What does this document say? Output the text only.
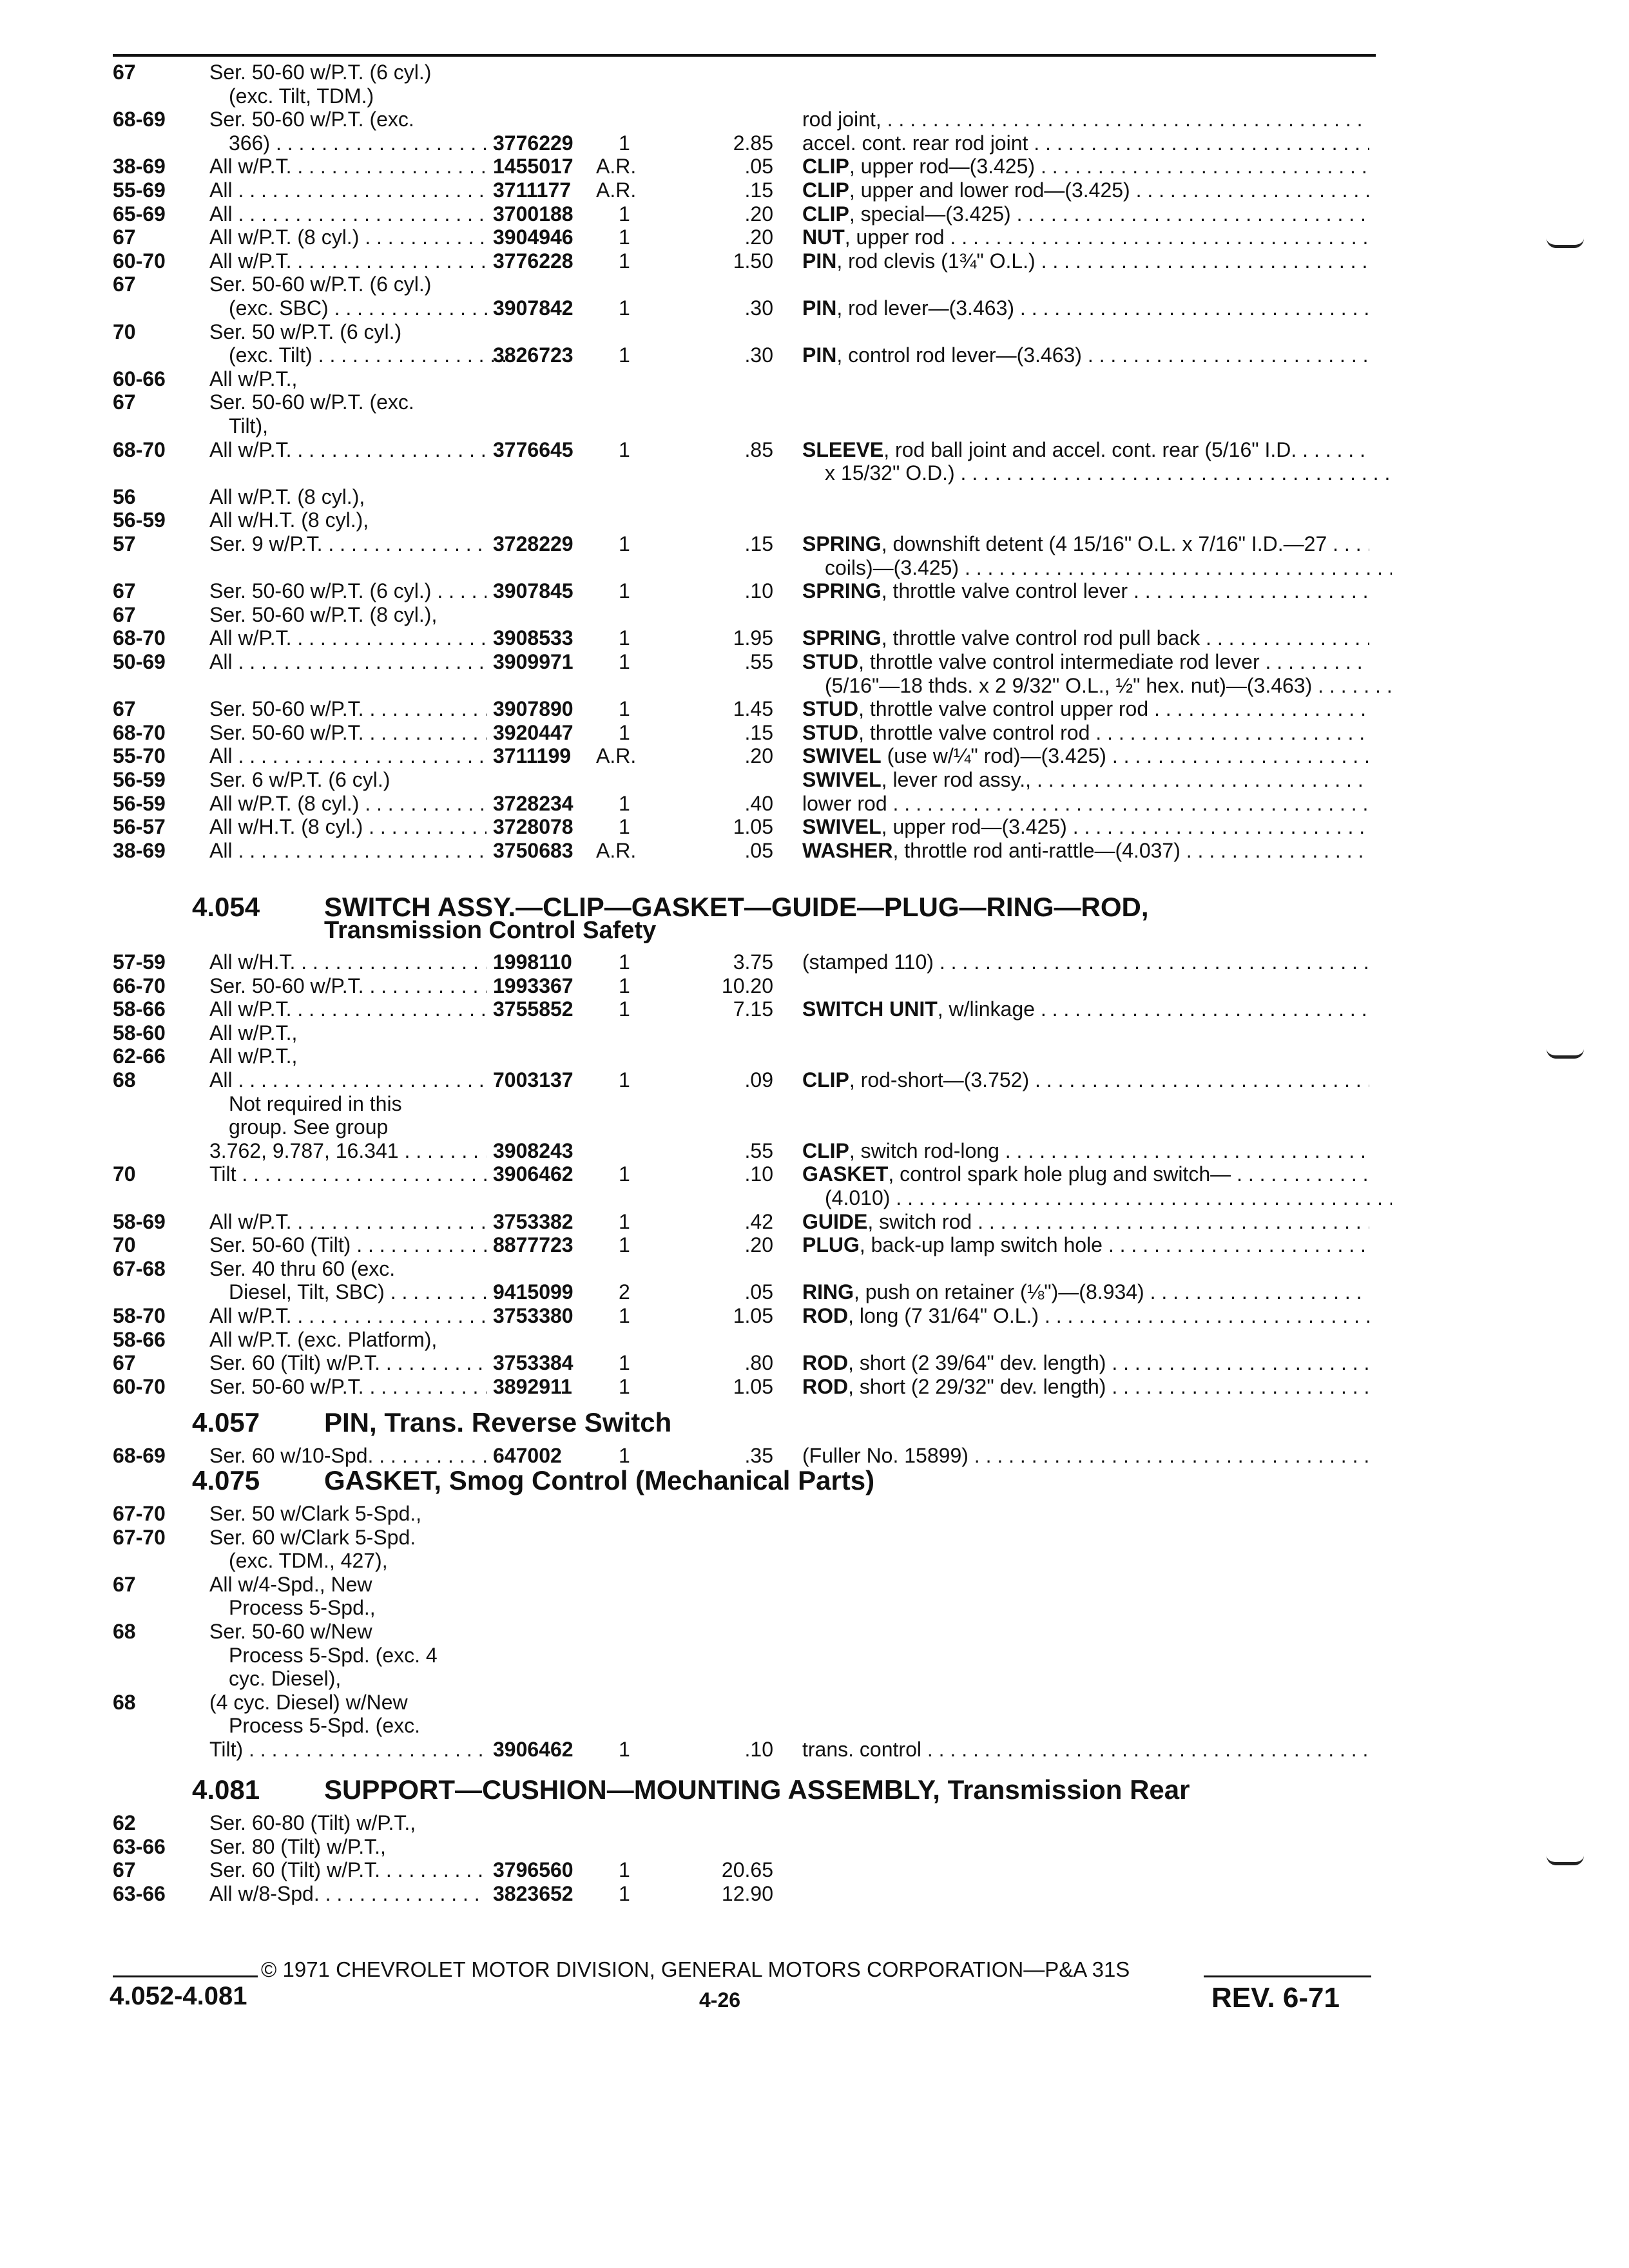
67	Ser. 50-60 w/P.T. (6 cyl.)
(exc. Tilt, TDM.)
68-69 Ser. 50-60 w/P.T. (exc.	rod joint, . . .
366) . . .	3776229 1	2.85 accel. cont. rear rod joint . . .
38-69 All w/P.T. . . .	1455017 A.R.	.05 CLIP, upper rod—(3.425) . . .
55-69 All . . .	3711177 A.R.	.15 CLIP, upper and lower rod—(3.425) . . .
65-69 All . . .	3700188 1	.20 CLIP, special—(3.425) . . .
67	All w/P.T. (8 cyl.) . . .	3904946 1	.20 NUT, upper rod . . .
60-70 All w/P.T. . . .	3776228 1	1.50 PIN, rod clevis (1¾" O.L.) . . .
67	Ser. 50-60 w/P.T. (6 cyl.)
(exc. SBC) . . .	3907842 1	.30 PIN, rod lever—(3.463) . . .
70	Ser. 50 w/P.T. (6 cyl.)
(exc. Tilt) . . .	3826723 1	.30 PIN, control rod lever—(3.463) . . .
60-66 All w/P.T.,
67	Ser. 50-60 w/P.T. (exc.
Tilt),
68-70 All w/P.T. . . .	3776645 1	.85 SLEEVE, rod ball joint and accel. cont. rear (5/16" I.D. . . .
x 15/32" O.D.) . . .
56	All w/P.T. (8 cyl.),
56-59 All w/H.T. (8 cyl.),
57	Ser. 9 w/P.T. . . .	3728229 1	.15 SPRING, downshift detent (4 15/16" O.L. x 7/16" I.D.—27 . . .
coils)—(3.425) . . .
67	Ser. 50-60 w/P.T. (6 cyl.) . . .	3907845 1	.10 SPRING, throttle valve control lever . . .
67	Ser. 50-60 w/P.T. (8 cyl.),
68-70 All w/P.T. . . .	3908533 1	1.95 SPRING, throttle valve control rod pull back . . .
50-69 All . . .	3909971 1	.55 STUD, throttle valve control intermediate rod lever . . .
(5/16"—18 thds. x 2 9/32" O.L., ½" hex. nut)—(3.463) . . .
67	Ser. 50-60 w/P.T. . . .	3907890 1	1.45 STUD, throttle valve control upper rod . . .
68-70 Ser. 50-60 w/P.T. . . .	3920447 1	.15 STUD, throttle valve control rod . . .
55-70 All . . .	3711199 A.R.	.20 SWIVEL (use w/¼" rod)—(3.425) . . .
56-59 Ser. 6 w/P.T. (6 cyl.)	SWIVEL, lever rod assy., . . .
56-59 All w/P.T. (8 cyl.) . . .	3728234 1	.40 lower rod . . .
56-57 All w/H.T. (8 cyl.) . . .	3728078 1	1.05 SWIVEL, upper rod—(3.425) . . .
38-69 All . . .	3750683 A.R.	.05 WASHER, throttle rod anti-rattle—(4.037) . . .
4.054 SWITCH ASSY.—CLIP—GASKET—GUIDE—PLUG—RING—ROD,
Transmission Control Safety
57-59 All w/H.T. . . .	1998110 1	3.75 (stamped 110) . . .
66-70 Ser. 50-60 w/P.T. . . .	1993367 1	10.20
58-66 All w/P.T. . . .	3755852 1	7.15 SWITCH UNIT, w/linkage . . .
58-60 All w/P.T.,
62-66 All w/P.T.,
68	All . . .	7003137 1	.09 CLIP, rod-short—(3.752) . . .
Not required in this
group. See group
3.762, 9.787, 16.341 . . .	3908243	.55 CLIP, switch rod-long . . .
70	Tilt . . .	3906462 1	.10 GASKET, control spark hole plug and switch— . . .
(4.010) . . .
58-69 All w/P.T. . . .	3753382 1	.42 GUIDE, switch rod . . .
70	Ser. 50-60 (Tilt) . . .	8877723 1	.20 PLUG, back-up lamp switch hole . . .
67-68 Ser. 40 thru 60 (exc.
Diesel, Tilt, SBC) . . .	9415099 2	.05 RING, push on retainer (⅛")—(8.934) . . .
58-70 All w/P.T. . . .	3753380 1	1.05 ROD, long (7 31/64" O.L.) . . .
58-66 All w/P.T. (exc. Platform),
67	Ser. 60 (Tilt) w/P.T. . . .	3753384 1	.80 ROD, short (2 39/64" dev. length) . . .
60-70 Ser. 50-60 w/P.T. . . .	3892911 1	1.05 ROD, short (2 29/32" dev. length) . . .
4.057 PIN, Trans. Reverse Switch
68-69 Ser. 60 w/10-Spd. . . .	647002	1	.35 (Fuller No. 15899) . . .
4.075 GASKET, Smog Control (Mechanical Parts)
67-70 Ser. 50 w/Clark 5-Spd.,
67-70 Ser. 60 w/Clark 5-Spd.
(exc. TDM., 427),
67	All w/4-Spd., New
Process 5-Spd.,
68	Ser. 50-60 w/New
Process 5-Spd. (exc. 4
cyc. Diesel),
68	(4 cyc. Diesel) w/New
Process 5-Spd. (exc.
Tilt) . . .	3906462 1	.10 trans. control . . .
4.081 SUPPORT—CUSHION—MOUNTING ASSEMBLY, Transmission Rear
62	Ser. 60-80 (Tilt) w/P.T.,
63-66 Ser. 80 (Tilt) w/P.T.,
67	Ser. 60 (Tilt) w/P.T. . . .	3796560 1	20.65
63-66 All w/8-Spd. . . .	3823652 1	12.90
© 1971 CHEVROLET MOTOR DIVISION, GENERAL MOTORS CORPORATION—P&A 31S
4.052-4.081	4-26	REV. 6-71
